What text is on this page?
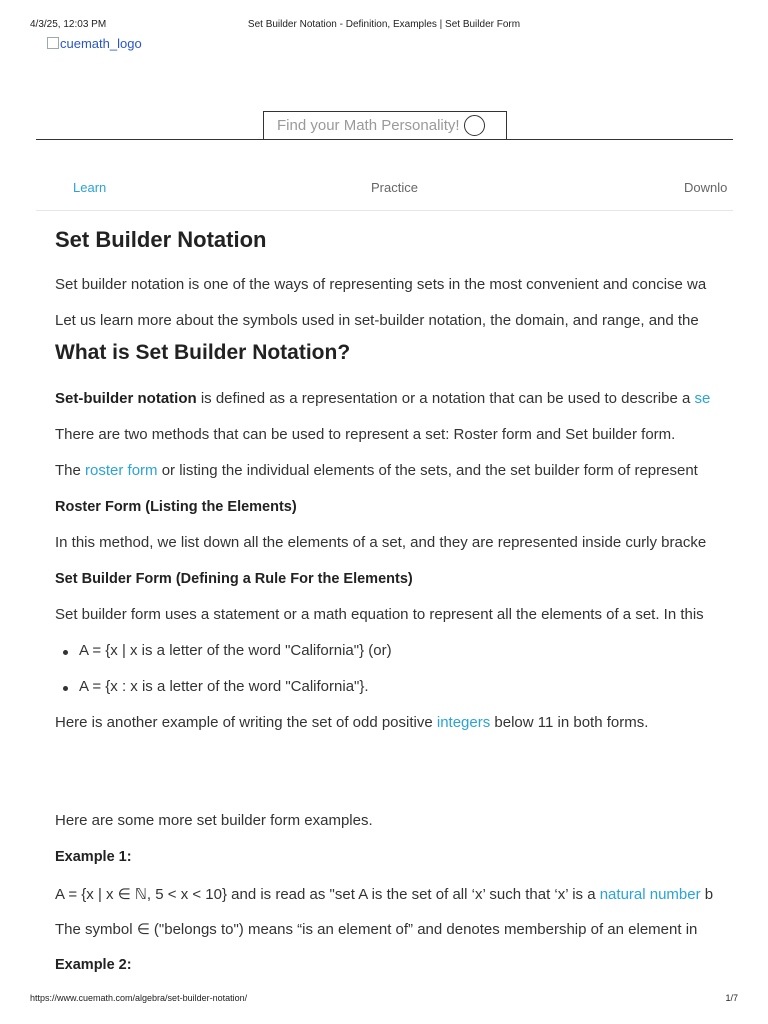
4/3/25, 12:03 PM	Set Builder Notation - Definition, Examples | Set Builder Form
cuemath_logo
Find your Math Personality!
Learn	Practice	Downlo
Set Builder Notation
Set builder notation is one of the ways of representing sets in the most convenient and concise wa
Let us learn more about the symbols used in set-builder notation, the domain, and range, and the
What is Set Builder Notation?
Set-builder notation is defined as a representation or a notation that can be used to describe a se
There are two methods that can be used to represent a set: Roster form and Set builder form.
The roster form or listing the individual elements of the sets, and the set builder form of represent
Roster Form (Listing the Elements)
In this method, we list down all the elements of a set, and they are represented inside curly bracke
Set Builder Form (Defining a Rule For the Elements)
Set builder form uses a statement or a math equation to represent all the elements of a set. In this
A = {x | x is a letter of the word "California"} (or)
A = {x : x is a letter of the word "California"}.
Here is another example of writing the set of odd positive integers below 11 in both forms.
Here are some more set builder form examples.
Example 1:
A = {x | x ∈ ℕ, 5 < x < 10} and is read as "set A is the set of all ‘x’ such that ‘x’ is a natural number b
The symbol ∈ ("belongs to") means “is an element of” and denotes membership of an element in
Example 2:
https://www.cuemath.com/algebra/set-builder-notation/	1/7
